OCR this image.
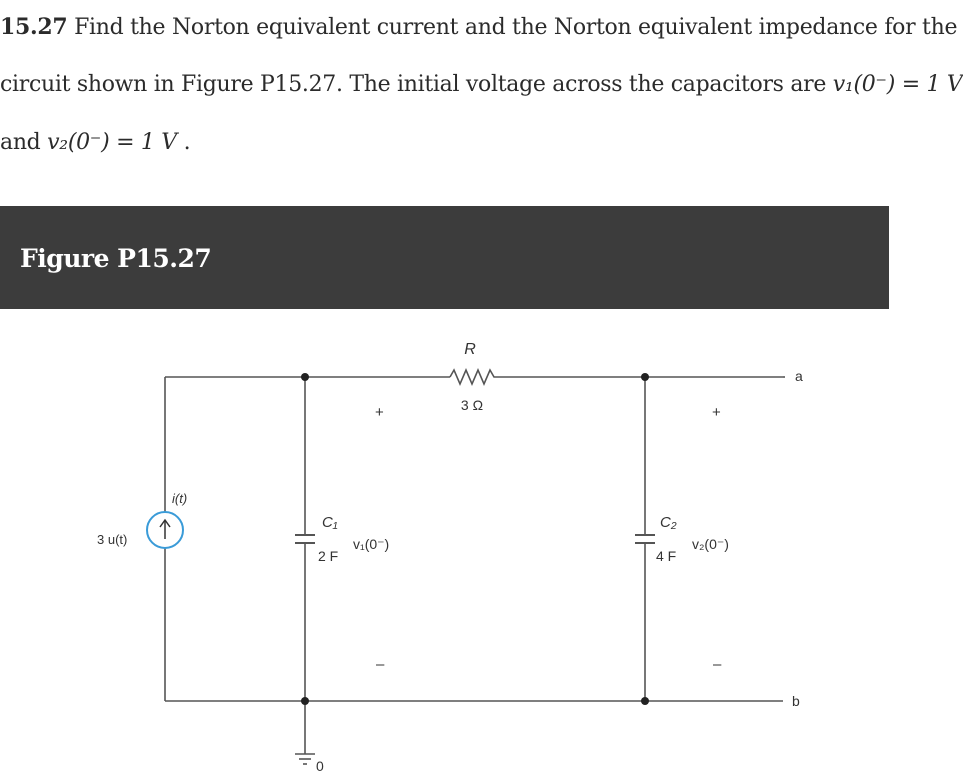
15.27 Find the Norton equivalent current and the Norton equivalent impedance for the
circuit shown in Figure P15.27. The initial voltage across the capacitors are v₁(0⁻) = 1 V
and v₂(0⁻) = 1 V .
Figure P15.27
R
3 Ω
a
b
3 u(t)
i(t)
C₁
2 F
v₁(0⁻)
+
–
C₂
4 F
v₂(0⁻)
+
–
0
